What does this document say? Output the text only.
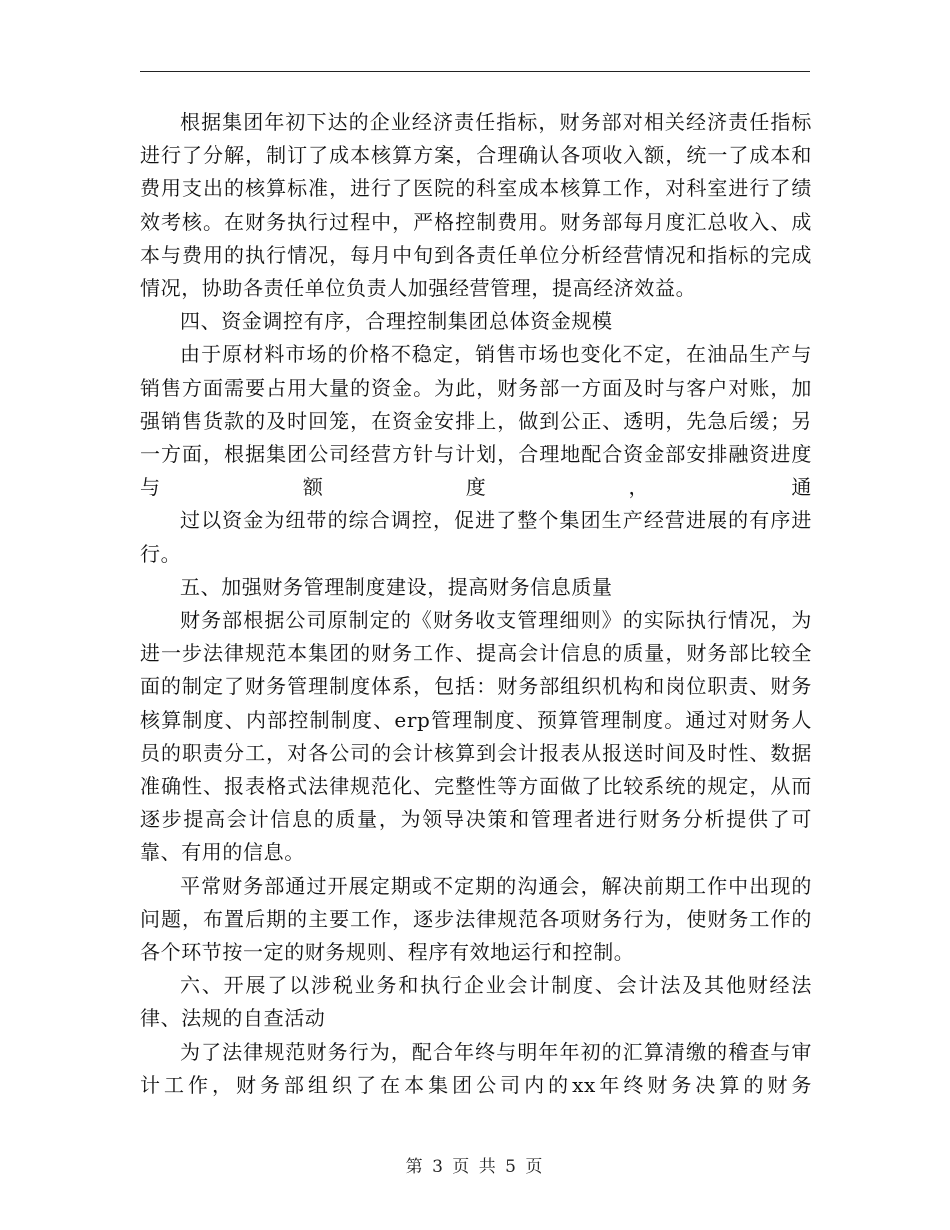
根据集团年初下达的企业经济责任指标，财务部对相关经济责任指标进行了分解，制订了成本核算方案，合理确认各项收入额，统一了成本和费用支出的核算标准，进行了医院的科室成本核算工作，对科室进行了绩效考核。在财务执行过程中，严格控制费用。财务部每月度汇总收入、成本与费用的执行情况，每月中旬到各责任单位分析经营情况和指标的完成情况，协助各责任单位负责人加强经营管理，提高经济效益。

四、资金调控有序，合理控制集团总体资金规模

由于原材料市场的价格不稳定，销售市场也变化不定，在油品生产与销售方面需要占用大量的资金。为此，财务部一方面及时与客户对账，加强销售货款的及时回笼，在资金安排上，做到公正、透明，先急后缓；另一方面，根据集团公司经营方针与计划，合理地配合资金部安排融资进度与额度，通

过以资金为纽带的综合调控，促进了整个集团生产经营进展的有序进行。

五、加强财务管理制度建设，提高财务信息质量

财务部根据公司原制定的《财务收支管理细则》的实际执行情况，为进一步法律规范本集团的财务工作、提高会计信息的质量，财务部比较全面的制定了财务管理制度体系，包括：财务部组织机构和岗位职责、财务核算制度、内部控制制度、erp管理制度、预算管理制度。通过对财务人员的职责分工，对各公司的会计核算到会计报表从报送时间及时性、数据准确性、报表格式法律规范化、完整性等方面做了比较系统的规定，从而逐步提高会计信息的质量，为领导决策和管理者进行财务分析提供了可靠、有用的信息。

平常财务部通过开展定期或不定期的沟通会，解决前期工作中出现的问题，布置后期的主要工作，逐步法律规范各项财务行为，使财务工作的各个环节按一定的财务规则、程序有效地运行和控制。

六、开展了以涉税业务和执行企业会计制度、会计法及其他财经法律、法规的自查活动

为了法律规范财务行为，配合年终与明年年初的汇算清缴的稽查与审计工作，财务部组织了在本集团公司内的xx年终财务决算的财务

第 3 页 共 5 页
